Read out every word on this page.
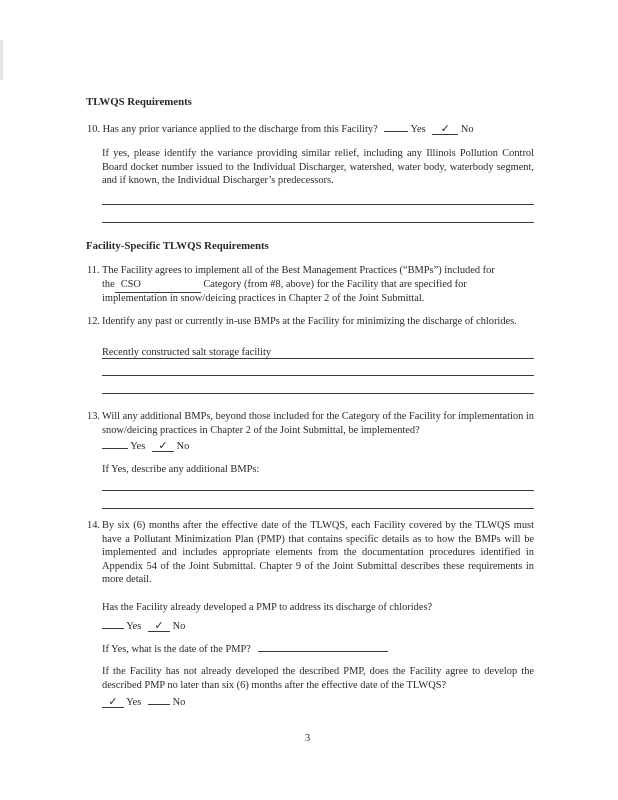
TLWQS Requirements
10. Has any prior variance applied to the discharge from this Facility?	Yes ✓ No
If yes, please identify the variance providing similar relief, including any Illinois Pollution Control Board docket number issued to the Individual Discharger, watershed, water body, waterbody segment, and if known, the Individual Discharger’s predecessors.
Facility-Specific TLWQS Requirements
11. The Facility agrees to implement all of the Best Management Practices (“BMPs”) included for
the CSO	Category (from #8, above) for the Facility that are specified for
implementation in snow/deicing practices in Chapter 2 of the Joint Submittal.
12. Identify any past or currently in-use BMPs at the Facility for minimizing the discharge of chlorides.
Recently constructed salt storage facility
13. Will any additional BMPs, beyond those included for the Category of the Facility for implementation in snow/deicing practices in Chapter 2 of the Joint Submittal, be implemented?
Yes ✓ No
If Yes, describe any additional BMPs:
14. By six (6) months after the effective date of the TLWQS, each Facility covered by the TLWQS must have a Pollutant Minimization Plan (PMP) that contains specific details as to how the BMPs will be implemented and includes appropriate elements from the documentation procedures identified in Appendix 54 of the Joint Submittal. Chapter 9 of the Joint Submittal describes these requirements in more detail.
Has the Facility already developed a PMP to address its discharge of chlorides?
Yes ✓ No
If Yes, what is the date of the PMP?
If the Facility has not already developed the described PMP, does the Facility agree to develop the described PMP no later than six (6) months after the effective date of the TLWQS?
✓ Yes	No
3
